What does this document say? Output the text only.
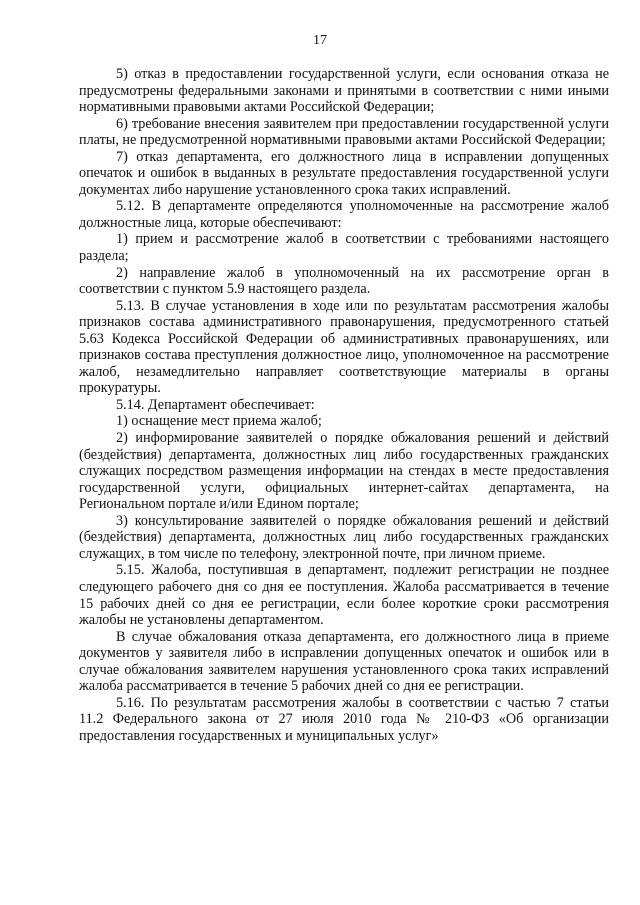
17

5) отказ в предоставлении государственной услуги, если основания отказа не предусмотрены федеральными законами и принятыми в соответствии с ними иными нормативными правовыми актами Российской Федерации;

6) требование внесения заявителем при предоставлении государственной услуги платы, не предусмотренной нормативными правовыми актами Российской Федерации;

7) отказ департамента, его должностного лица в исправлении допущенных опечаток и ошибок в выданных в результате предоставления государственной услуги документах либо нарушение установленного срока таких исправлений.

5.12. В департаменте определяются уполномоченные на рассмотрение жалоб должностные лица, которые обеспечивают:

1) прием и рассмотрение жалоб в соответствии с требованиями настоящего раздела;

2) направление жалоб в уполномоченный на их рассмотрение орган в соответствии с пунктом 5.9 настоящего раздела.

5.13. В случае установления в ходе или по результатам рассмотрения жалобы признаков состава административного правонарушения, предусмотренного статьей 5.63 Кодекса Российской Федерации об административных правонарушениях, или признаков состава преступления должностное лицо, уполномоченное на рассмотрение жалоб, незамедлительно направляет соответствующие материалы в органы прокуратуры.

5.14. Департамент обеспечивает:

1) оснащение мест приема жалоб;

2) информирование заявителей о порядке обжалования решений и действий (бездействия) департамента, должностных лиц либо государственных гражданских служащих посредством размещения информации на стендах в месте предоставления государственной услуги, официальных интернет-сайтах департамента, на Региональном портале и/или Едином портале;

3) консультирование заявителей о порядке обжалования решений и действий (бездействия) департамента, должностных лиц либо государственных гражданских служащих, в том числе по телефону, электронной почте, при личном приеме.

5.15. Жалоба, поступившая в департамент, подлежит регистрации не позднее следующего рабочего дня со дня ее поступления. Жалоба рассматривается в течение 15 рабочих дней со дня ее регистрации, если более короткие сроки рассмотрения жалобы не установлены департаментом.

В случае обжалования отказа департамента, его должностного лица в приеме документов у заявителя либо в исправлении допущенных опечаток и ошибок или в случае обжалования заявителем нарушения установленного срока таких исправлений жалоба рассматривается в течение 5 рабочих дней со дня ее регистрации.

5.16. По результатам рассмотрения жалобы в соответствии с частью 7 статьи 11.2 Федерального закона от 27 июля 2010 года № 210-ФЗ «Об организации предоставления государственных и муниципальных услуг»
